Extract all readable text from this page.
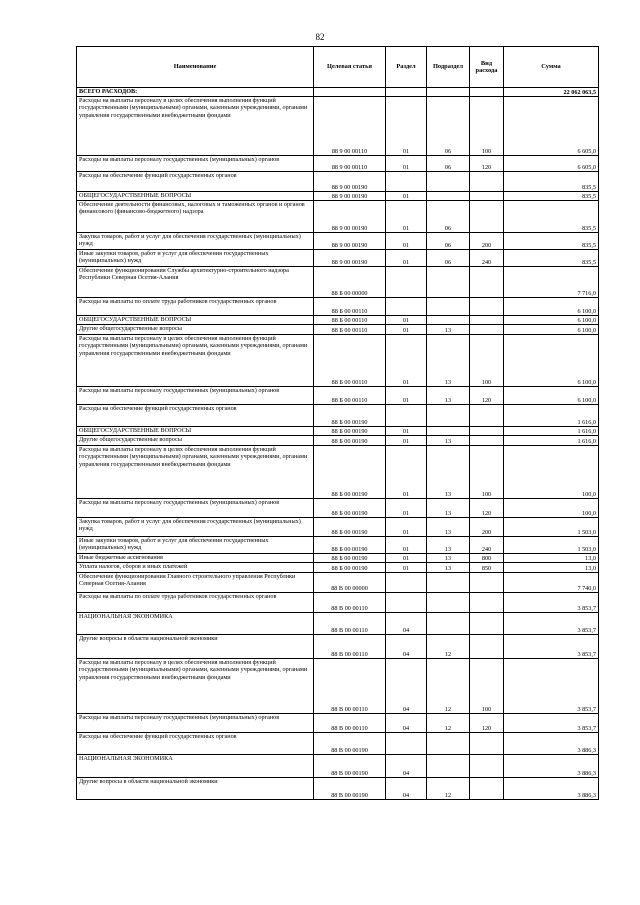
82
Наименование	Целевая статья	Раздел	Подраздел	Вид расхода	Сумма
ВСЕГО РАСХОДОВ:					22 062 063,5
Расходы на выплаты персоналу в целях обеспечения выполнения функций государственными (муниципальными) органами, казенными учреждениями, органами управления государственными внебюджетными фондами	88 9 00 00110	01	06	100	6 605,0
Расходы на выплаты персоналу государственных (муниципальных) органов	88 9 00 00110	01	06	120	6 605,0
Расходы на обеспечение функций государственных органов	88 9 00 00190				835,5
ОБЩЕГОСУДАРСТВЕННЫЕ ВОПРОСЫ	88 9 00 00190	01			835,5
Обеспечение деятельности финансовых, налоговых и таможенных органов и органов финансового (финансово-бюджетного) надзора	88 9 00 00190	01	06		835,5
Закупка товаров, работ и услуг для обеспечения государственных (муниципальных) нужд	88 9 00 00190	01	06	200	835,5
Иные закупки товаров, работ и услуг для обеспечения государственных (муниципальных) нужд	88 9 00 00190	01	06	240	835,5
Обеспечение функционирования Службы архитектурно-строительного надзора Республики Северная Осетия-Алания	88 Б 00 00000				7 716,0
Расходы на выплаты по оплате труда работников государственных органов	88 Б 00 00110				6 100,0
ОБЩЕГОСУДАРСТВЕННЫЕ ВОПРОСЫ	88 Б 00 00110	01			6 100,0
Другие общегосударственные вопросы	88 Б 00 00110	01	13		6 100,0
Расходы на выплаты персоналу в целях обеспечения выполнения функций государственными (муниципальными) органами, казенными учреждениями, органами управления государственными внебюджетными фондами	88 Б 00 00110	01	13	100	6 100,0
Расходы на выплаты персоналу государственных (муниципальных) органов	88 Б 00 00110	01	13	120	6 100,0
Расходы на обеспечение функций государственных органов	88 Б 00 00190				1 616,0
ОБЩЕГОСУДАРСТВЕННЫЕ ВОПРОСЫ	88 Б 00 00190	01			1 616,0
Другие общегосударственные вопросы	88 Б 00 00190	01	13		1 616,0
Расходы на выплаты персоналу в целях обеспечения выполнения функций государственными (муниципальными) органами, казенными учреждениями, органами управления государственными внебюджетными фондами	88 Б 00 00190	01	13	100	100,0
Расходы на выплаты персоналу государственных (муниципальных) органов	88 Б 00 00190	01	13	120	100,0
Закупка товаров, работ и услуг для обеспечения государственных (муниципальных) нужд	88 Б 00 00190	01	13	200	1 503,0
Иные закупки товаров, работ и услуг для обеспечения государственных (муниципальных) нужд	88 Б 00 00190	01	13	240	1 503,0
Иные бюджетные ассигнования	88 Б 00 00190	01	13	800	13,0
Уплата налогов, сборов и иных платежей	88 Б 00 00190	01	13	850	13,0
Обеспечение функционирования Главного строительного управления Республики Северная Осетия-Алания	88 В 00 00000				7 740,0
Расходы на выплаты по оплате труда работников государственных органов	88 В 00 00110				3 853,7
НАЦИОНАЛЬНАЯ ЭКОНОМИКА	88 В 00 00110	04			3 853,7
Другие вопросы в области национальной экономики	88 В 00 00110	04	12		3 853,7
Расходы на выплаты персоналу в целях обеспечения выполнения функций государственными (муниципальными) органами, казенными учреждениями, органами управления государственными внебюджетными фондами	88 В 00 00110	04	12	100	3 853,7
Расходы на выплаты персоналу государственных (муниципальных) органов	88 В 00 00110	04	12	120	3 853,7
Расходы на обеспечение функций государственных органов	88 В 00 00190				3 886,3
НАЦИОНАЛЬНАЯ ЭКОНОМИКА	88 В 00 00190	04			3 886,3
Другие вопросы в области национальной экономики	88 В 00 00190	04	12		3 886,3
